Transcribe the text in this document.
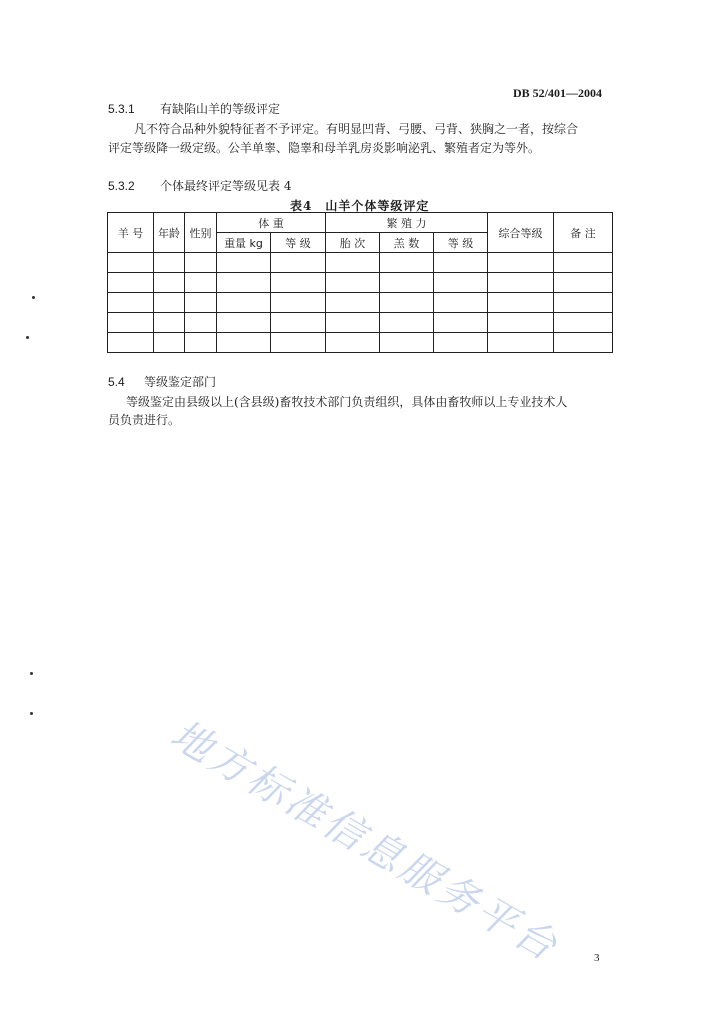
DB 52/401—2004
5.3.1 有缺陷山羊的等级评定
凡不符合品种外貌特征者不予评定。有明显凹背、弓腰、弓背、狭胸之一者，按综合
评定等级降一级定级。公羊单睾、隐睾和母羊乳房炎影响泌乳、繁殖者定为等外。
5.3.2 个体最终评定等级见表 4
表4　山羊个体等级评定
羊 号	年龄	性别	体 重		繁 殖 力			综合等级	备 注
			重量 kg	等 级	胎 次	羔 数	等 级		

5.4 等级鉴定部门
等级鉴定由县级以上(含县级)畜牧技术部门负责组织，具体由畜牧师以上专业技术人
员负责进行。
地方标准信息服务平台	3
